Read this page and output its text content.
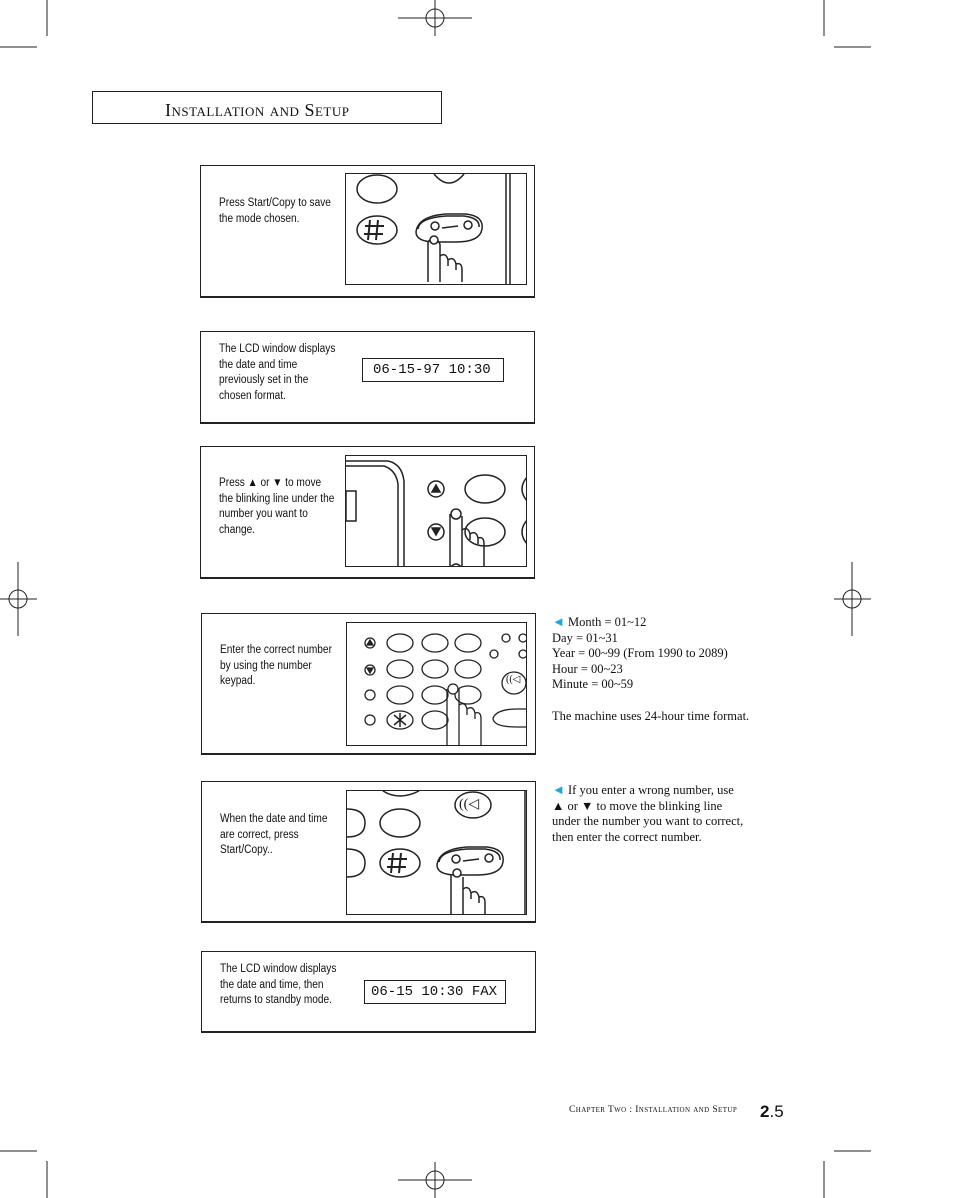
Installation and Setup
Press Start/Copy to save
the mode chosen.
The LCD window displays
the date and time
previously set in the
chosen format.
06-15-97 10:30
Press ▲ or ▼ to move
the blinking line under the
number you want to
change.
Enter the correct number
by using the number
keypad.	((◁
When the date and time
are correct, press
Start/Copy..
((◁
The LCD window displays
the date and time, then
returns to standby mode.	06-15 10:30 FAX
◄ Month = 01~12
Day = 01~31
Year = 00~99 (From 1990 to 2089)
Hour = 00~23
Minute = 00~59
The machine uses 24-hour time format.
◄ If you enter a wrong number, use
▲ or ▼ to move the blinking line
under the number you want to correct,
then enter the correct number.
Chapter Two : Installation and Setup 2.5
